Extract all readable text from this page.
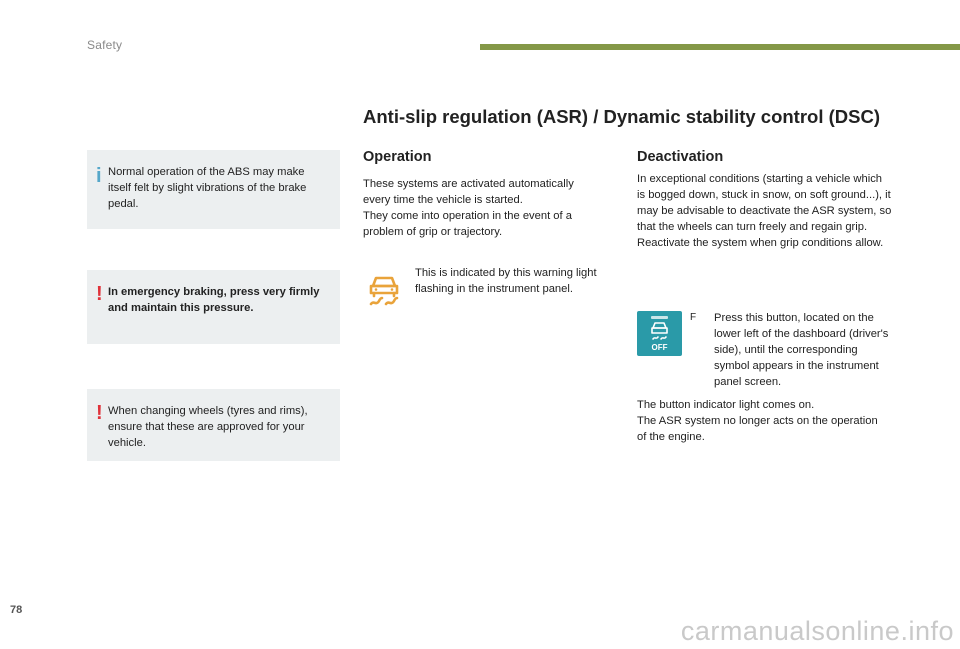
Safety
i Normal operation of the ABS may make itself felt by slight vibrations of the brake pedal.
! In emergency braking, press very firmly and maintain this pressure.
! When changing wheels (tyres and rims), ensure that these are approved for your vehicle.
Anti-slip regulation (ASR) / Dynamic stability control (DSC)
Operation

These systems are activated automatically every time the vehicle is started.
They come into operation in the event of a problem of grip or trajectory.

This is indicated by this warning light flashing in the instrument panel.

Deactivation

In exceptional conditions (starting a vehicle which is bogged down, stuck in snow, on soft ground...), it may be advisable to deactivate the ASR system, so that the wheels can turn freely and regain grip.
Reactivate the system when grip conditions allow.

OFF
F Press this button, located on the lower left of the dashboard (driver's side), until the corresponding symbol appears in the instrument panel screen.

The button indicator light comes on.
The ASR system no longer acts on the operation of the engine.

78
carmanualsonline.info
